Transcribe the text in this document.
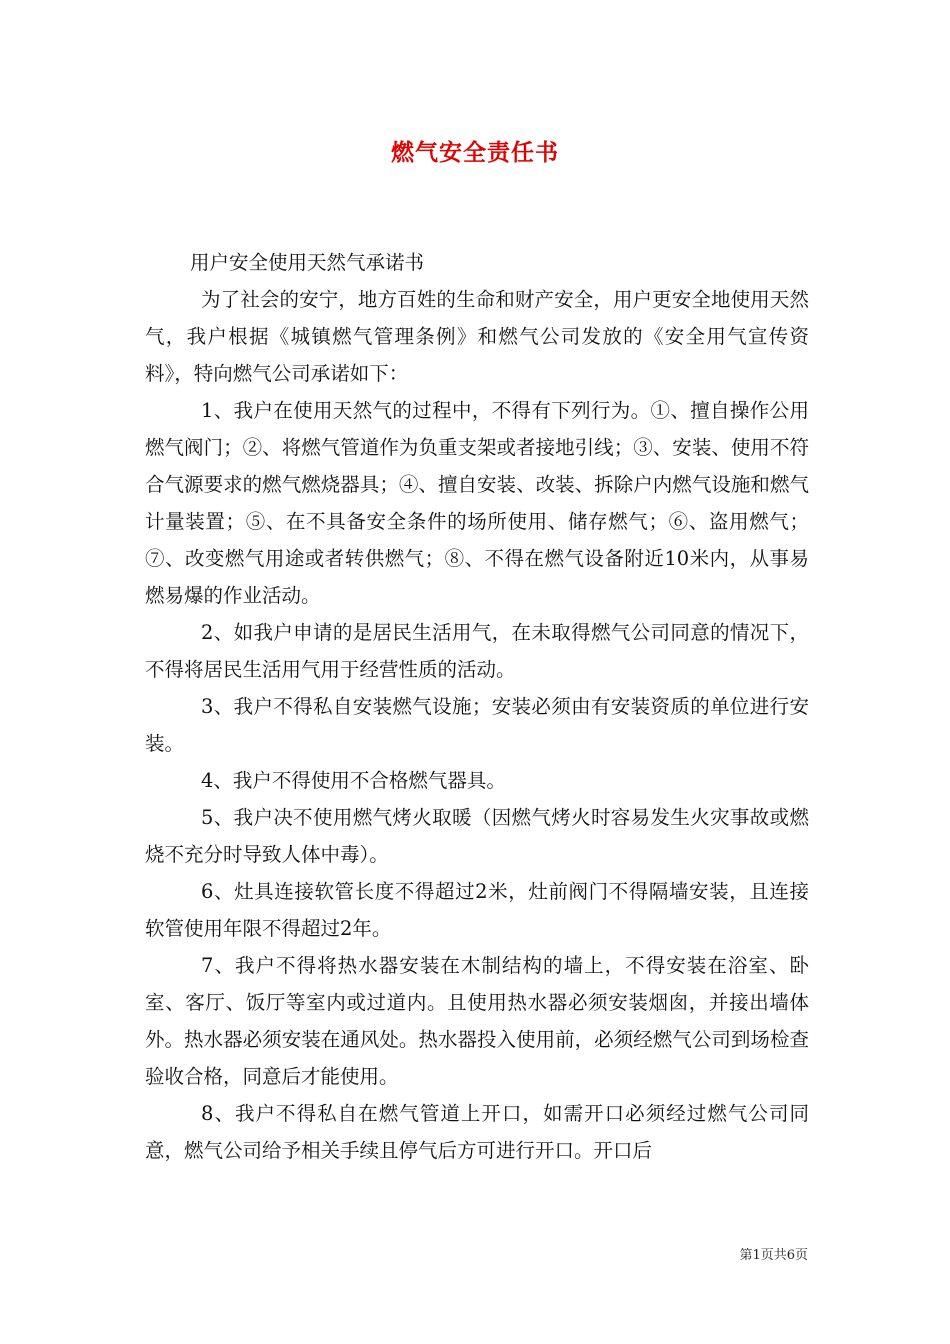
燃气安全责任书

用户安全使用天然气承诺书

为了社会的安宁，地方百姓的生命和财产安全，用户更安全地使用天然气，我户根据《城镇燃气管理条例》和燃气公司发放的《安全用气宣传资料》，特向燃气公司承诺如下：

1、我户在使用天然气的过程中，不得有下列行为。①、擅自操作公用燃气阀门；②、将燃气管道作为负重支架或者接地引线；③、安装、使用不符合气源要求的燃气燃烧器具；④、擅自安装、改装、拆除户内燃气设施和燃气计量装置；⑤、在不具备安全条件的场所使用、储存燃气；⑥、盗用燃气；⑦、改变燃气用途或者转供燃气；⑧、不得在燃气设备附近10米内，从事易燃易爆的作业活动。

2、如我户申请的是居民生活用气，在未取得燃气公司同意的情况下，不得将居民生活用气用于经营性质的活动。

3、我户不得私自安装燃气设施；安装必须由有安装资质的单位进行安装。

4、我户不得使用不合格燃气器具。

5、我户决不使用燃气烤火取暖（因燃气烤火时容易发生火灾事故或燃烧不充分时导致人体中毒）。

6、灶具连接软管长度不得超过2米，灶前阀门不得隔墙安装，且连接软管使用年限不得超过2年。

7、我户不得将热水器安装在木制结构的墙上，不得安装在浴室、卧室、客厅、饭厅等室内或过道内。且使用热水器必须安装烟囱，并接出墙体外。热水器必须安装在通风处。热水器投入使用前，必须经燃气公司到场检查验收合格，同意后才能使用。

8、我户不得私自在燃气管道上开口，如需开口必须经过燃气公司同意，燃气公司给予相关手续且停气后方可进行开口。开口后

第1页共6页
